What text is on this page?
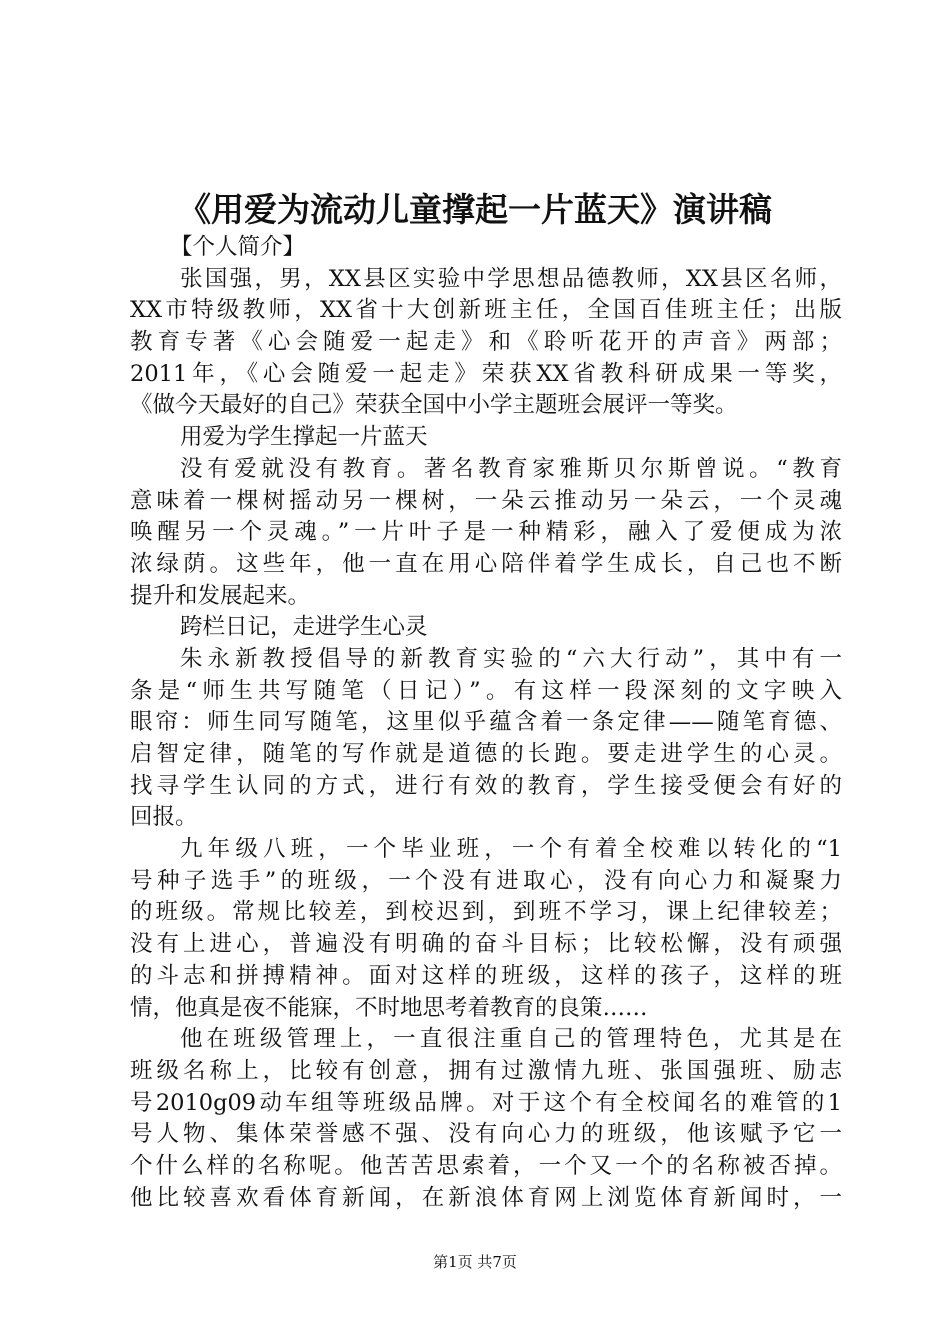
《用爱为流动儿童撑起一片蓝天》演讲稿
【个人简介】
张国强，男，XX县区实验中学思想品德教师，XX县区名师，
XX市特级教师，XX省十大创新班主任，全国百佳班主任；出版
教育专著《心会随爱一起走》和《聆听花开的声音》两部；
2011年，《心会随爱一起走》荣获XX省教科研成果一等奖，
《做今天最好的自己》荣获全国中小学主题班会展评一等奖。
用爱为学生撑起一片蓝天
没有爱就没有教育。著名教育家雅斯贝尔斯曾说。“教育
意味着一棵树摇动另一棵树，一朵云推动另一朵云，一个灵魂
唤醒另一个灵魂。”一片叶子是一种精彩，融入了爱便成为浓
浓绿荫。这些年，他一直在用心陪伴着学生成长，自己也不断
提升和发展起来。
跨栏日记，走进学生心灵
朱永新教授倡导的新教育实验的“六大行动”，其中有一
条是“师生共写随笔（日记）”。有这样一段深刻的文字映入
眼帘：师生同写随笔，这里似乎蕴含着一条定律——随笔育德、
启智定律，随笔的写作就是道德的长跑。要走进学生的心灵。
找寻学生认同的方式，进行有效的教育，学生接受便会有好的
回报。
九年级八班，一个毕业班，一个有着全校难以转化的“1
号种子选手”的班级，一个没有进取心，没有向心力和凝聚力
的班级。常规比较差，到校迟到，到班不学习，课上纪律较差；
没有上进心，普遍没有明确的奋斗目标；比较松懈，没有顽强
的斗志和拼搏精神。面对这样的班级，这样的孩子，这样的班
情，他真是夜不能寐，不时地思考着教育的良策……
他在班级管理上，一直很注重自己的管理特色，尤其是在
班级名称上，比较有创意，拥有过激情九班、张国强班、励志
号2010g09动车组等班级品牌。对于这个有全校闻名的难管的1
号人物、集体荣誉感不强、没有向心力的班级，他该赋予它一
个什么样的名称呢。他苦苦思索着，一个又一个的名称被否掉。
他比较喜欢看体育新闻，在新浪体育网上浏览体育新闻时，一
第1页 共7页
